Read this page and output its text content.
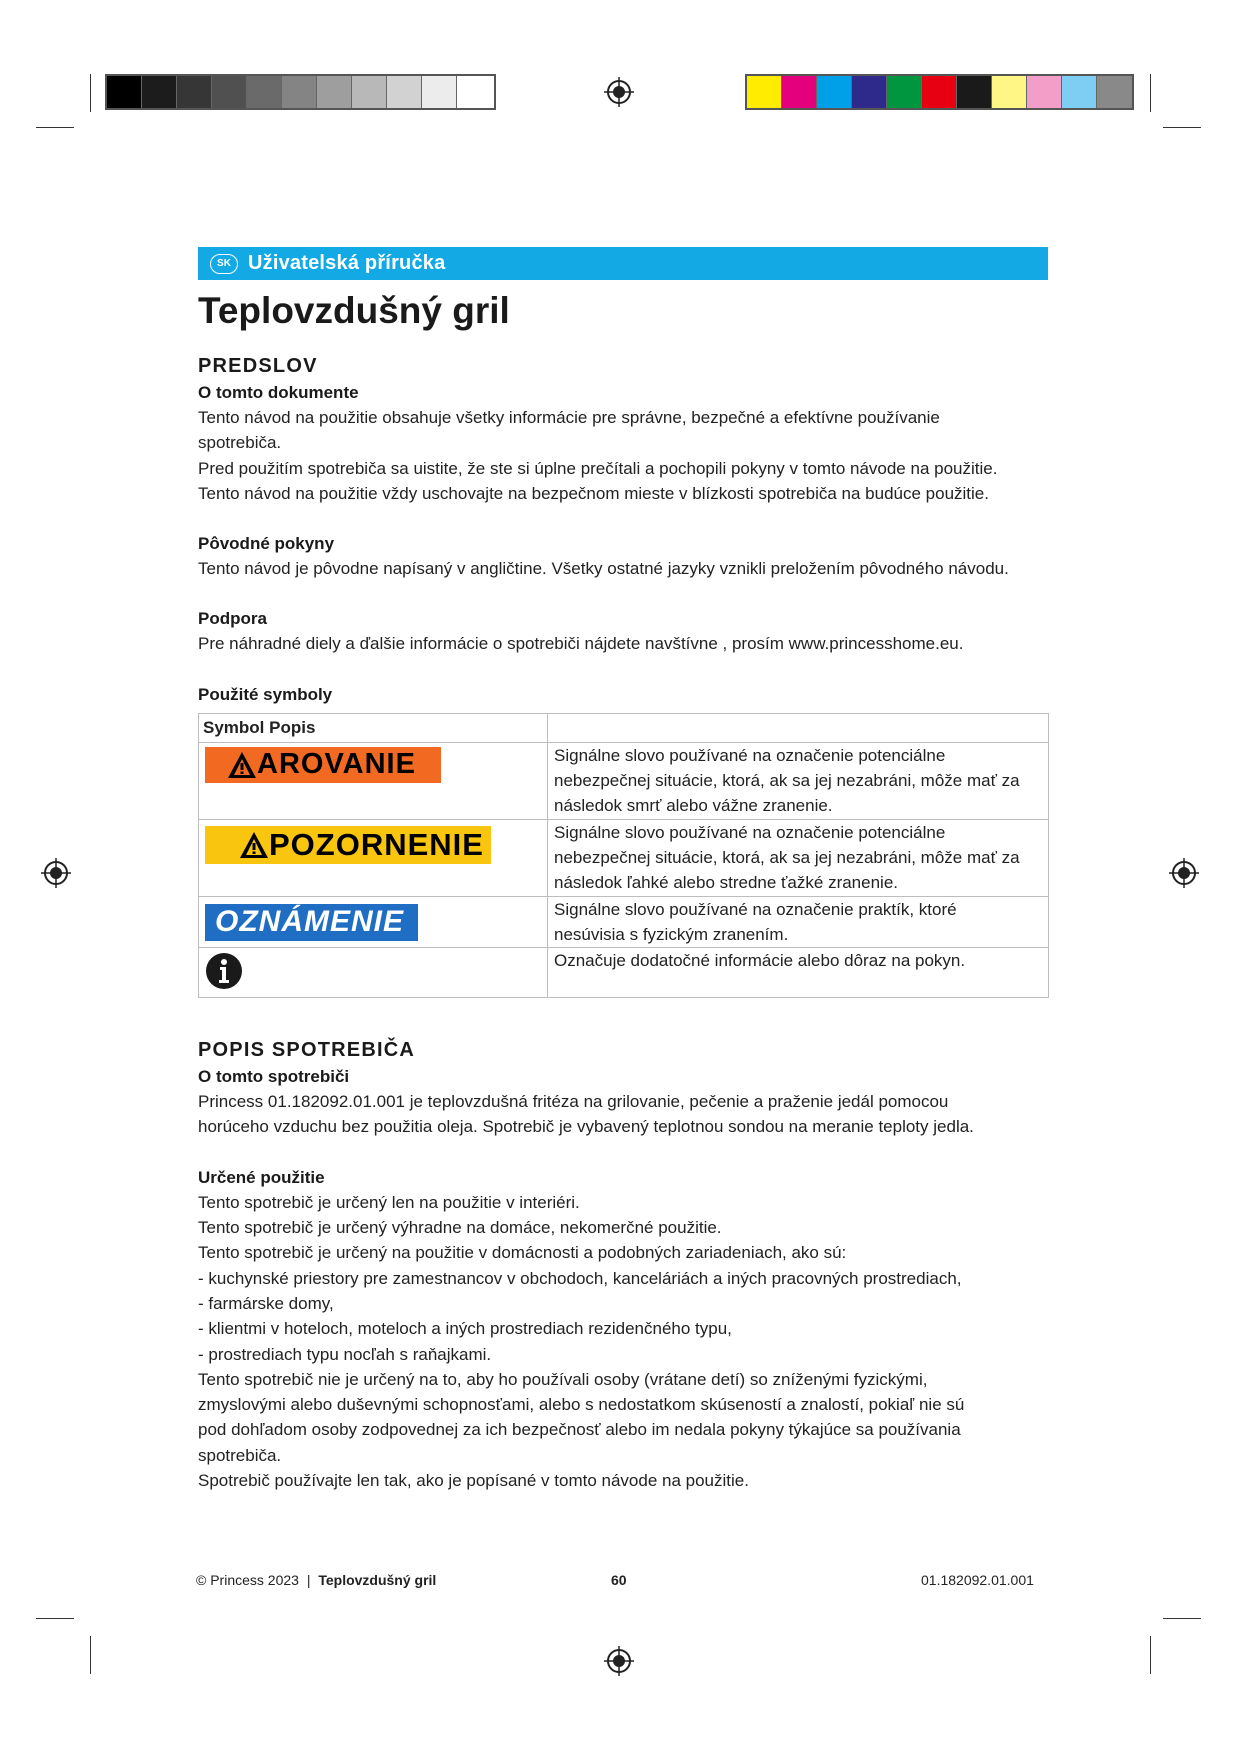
SK Uživatelská příručka
Teplovzdušný gril
PREDSLOV
O tomto dokumente

Tento návod na použitie obsahuje všetky informácie pre správne, bezpečné a efektívne používanie

spotrebiča.

Pred použitím spotrebiča sa uistite, že ste si úplne prečítali a pochopili pokyny v tomto návode na použitie.

Tento návod na použitie vždy uschovajte na bezpečnom mieste v blízkosti spotrebiča na budúce použitie.

Pôvodné pokyny

Tento návod je pôvodne napísaný v angličtine. Všetky ostatné jazyky vznikli preložením pôvodného návodu.

Podpora

Pre náhradné diely a ďalšie informácie o spotrebiči nájdete navštívne , prosím www.princesshome.eu.

Použité symboly
Symbol Popis	

AROVANIE	Signálne slovo používané na označenie potenciálne
nebezpečnej situácie, ktorá, ak sa jej nezabráni, môže mať za
následok smrť alebo vážne zranenie.

POZORNENIE	Signálne slovo používané na označenie potenciálne
nebezpečnej situácie, ktorá, ak sa jej nezabráni, môže mať za
následok ľahké alebo stredne ťažké zranenie.

OZNÁMENIE	Signálne slovo používané na označenie praktík, ktoré
nesúvisia s fyzickým zranením.

Označuje dodatočné informácie alebo dôraz na pokyn.
POPIS SPOTREBIČA
O tomto spotrebiči

Princess 01.182092.01.001 je teplovzdušná fritéza na grilovanie, pečenie a praženie jedál pomocou

horúceho vzduchu bez použitia oleja. Spotrebič je vybavený teplotnou sondou na meranie teploty jedla.

Určené použitie

Tento spotrebič je určený len na použitie v interiéri.

Tento spotrebič je určený výhradne na domáce, nekomerčné použitie.

Tento spotrebič je určený na použitie v domácnosti a podobných zariadeniach, ako sú:

- kuchynské priestory pre zamestnancov v obchodoch, kanceláriách a iných pracovných prostrediach,

- farmárske domy,

- klientmi v hoteloch, moteloch a iných prostrediach rezidenčného typu,

- prostrediach typu nocľah s raňajkami.

Tento spotrebič nie je určený na to, aby ho používali osoby (vrátane detí) so zníženými fyzickými,

zmyslovými alebo duševnými schopnosťami, alebo s nedostatkom skúseností a znalostí, pokiaľ nie sú

pod dohľadom osoby zodpovednej za ich bezpečnosť alebo im nedala pokyny týkajúce sa používania

spotrebiča.

Spotrebič používajte len tak, ako je popísané v tomto návode na použitie.

© Princess 2023 | Teplovzdušný gril	60	01.182092.01.001
